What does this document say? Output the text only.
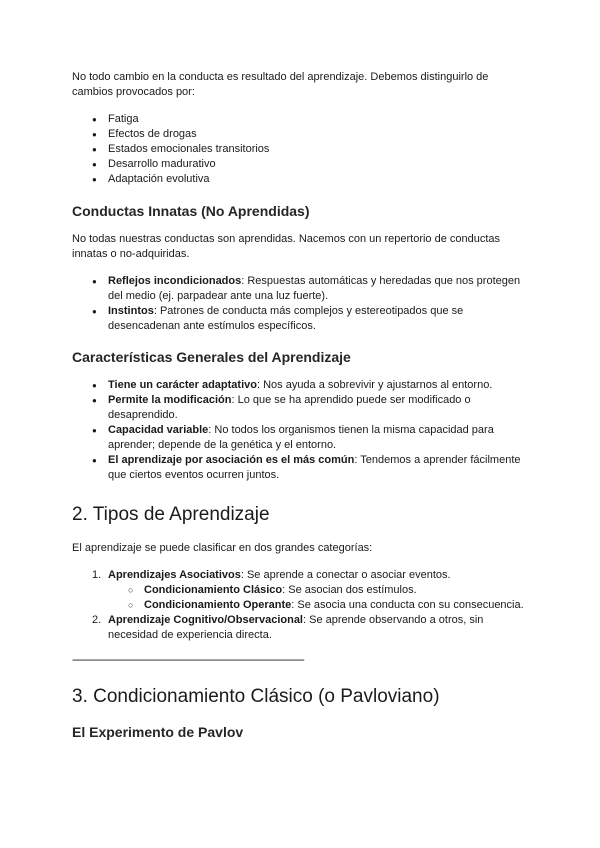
No todo cambio en la conducta es resultado del aprendizaje. Debemos distinguirlo de cambios provocados por:

● Fatiga
● Efectos de drogas
● Estados emocionales transitorios
● Desarrollo madurativo
● Adaptación evolutiva
Conductas Innatas (No Aprendidas)

No todas nuestras conductas son aprendidas. Nacemos con un repertorio de conductas innatas o no-adquiridas.

● Reflejos incondicionados: Respuestas automáticas y heredadas que nos protegen del medio (ej. parpadear ante una luz fuerte).
● Instintos: Patrones de conducta más complejos y estereotipados que se desencadenan ante estímulos específicos.
Características Generales del Aprendizaje
● Tiene un carácter adaptativo: Nos ayuda a sobrevivir y ajustarnos al entorno.
● Permite la modificación: Lo que se ha aprendido puede ser modificado o desaprendido.
● Capacidad variable: No todos los organismos tienen la misma capacidad para aprender; depende de la genética y el entorno.
● El aprendizaje por asociación es el más común: Tendemos a aprender fácilmente que ciertos eventos ocurren juntos.
2. Tipos de Aprendizaje

El aprendizaje se puede clasificar en dos grandes categorías:

1. Aprendizajes Asociativos: Se aprende a conectar o asociar eventos.
○ Condicionamiento Clásico: Se asocian dos estímulos.
○ Condicionamiento Operante: Se asocia una conducta con su consecuencia.
2. Aprendizaje Cognitivo/Observacional: Se aprende observando a otros, sin necesidad de experiencia directa.
----------------------------------------------------------------------------------------------
3. Condicionamiento Clásico (o Pavloviano)
El Experimento de Pavlov
